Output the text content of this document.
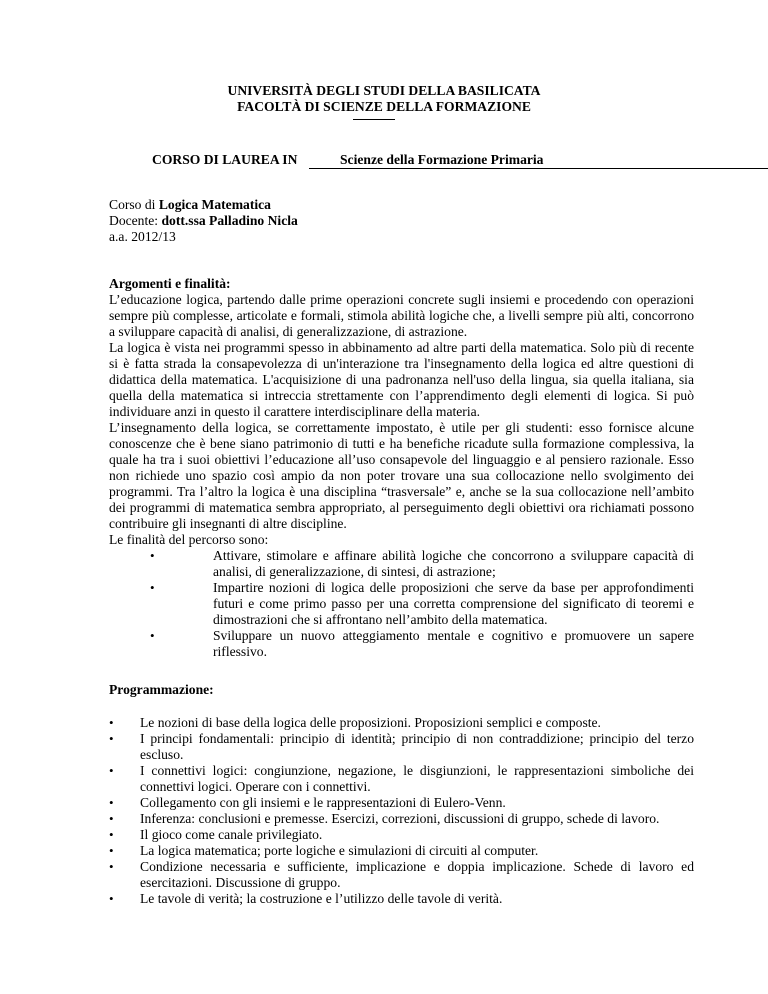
UNIVERSITÀ DEGLI STUDI DELLA BASILICATA
FACOLTÀ DI SCIENZE DELLA FORMAZIONE
CORSO DI LAUREA IN	Scienze della Formazione Primaria
Corso di Logica Matematica
Docente: dott.ssa Palladino Nicla
a.a. 2012/13

Argomenti e finalità:

L’educazione logica, partendo dalle prime operazioni concrete sugli insiemi e procedendo con operazioni sempre più complesse, articolate e formali, stimola abilità logiche che, a livelli sempre più alti, concorrono a sviluppare capacità di analisi, di generalizzazione, di astrazione.

La logica è vista nei programmi spesso in abbinamento ad altre parti della matematica. Solo più di recente si è fatta strada la consapevolezza di un'interazione tra l'insegnamento della logica ed altre questioni di didattica della matematica. L'acquisizione di una padronanza nell'uso della lingua, sia quella italiana, sia quella della matematica si intreccia strettamente con l’apprendimento degli elementi di logica. Si può individuare anzi in questo il carattere interdisciplinare della materia.

L’insegnamento della logica, se correttamente impostato, è utile per gli studenti: esso fornisce alcune conoscenze che è bene siano patrimonio di tutti e ha benefiche ricadute sulla formazione complessiva, la quale ha tra i suoi obiettivi l’educazione all’uso consapevole del linguaggio e al pensiero razionale. Esso non richiede uno spazio così ampio da non poter trovare una sua collocazione nello svolgimento dei programmi. Tra l’altro la logica è una disciplina “trasversale” e, anche se la sua collocazione nell’ambito dei programmi di matematica sembra appropriato, al perseguimento degli obiettivi ora richiamati possono contribuire gli insegnanti di altre discipline.

Le finalità del percorso sono:

•	Attivare, stimolare e affinare abilità logiche che concorrono a sviluppare capacità di analisi, di generalizzazione, di sintesi, di astrazione;
•	Impartire nozioni di logica delle proposizioni che serve da base per approfondimenti futuri e come primo passo per una corretta comprensione del significato di teoremi e dimostrazioni che si affrontano nell’ambito della matematica.
•	Sviluppare un nuovo atteggiamento mentale e cognitivo e promuovere un sapere riflessivo.

Programmazione:

• Le nozioni di base della logica delle proposizioni. Proposizioni semplici e composte.
• I principi fondamentali: principio di identità; principio di non contraddizione; principio del terzo escluso.
• I connettivi logici: congiunzione, negazione, le disgiunzioni, le rappresentazioni simboliche dei connettivi logici. Operare con i connettivi.
• Collegamento con gli insiemi e le rappresentazioni di Eulero-Venn.
• Inferenza: conclusioni e premesse. Esercizi, correzioni, discussioni di gruppo, schede di lavoro.
• Il gioco come canale privilegiato.
• La logica matematica; porte logiche e simulazioni di circuiti al computer.
• Condizione necessaria e sufficiente, implicazione e doppia implicazione. Schede di lavoro ed esercitazioni. Discussione di gruppo.
• Le tavole di verità; la costruzione e l’utilizzo delle tavole di verità.
